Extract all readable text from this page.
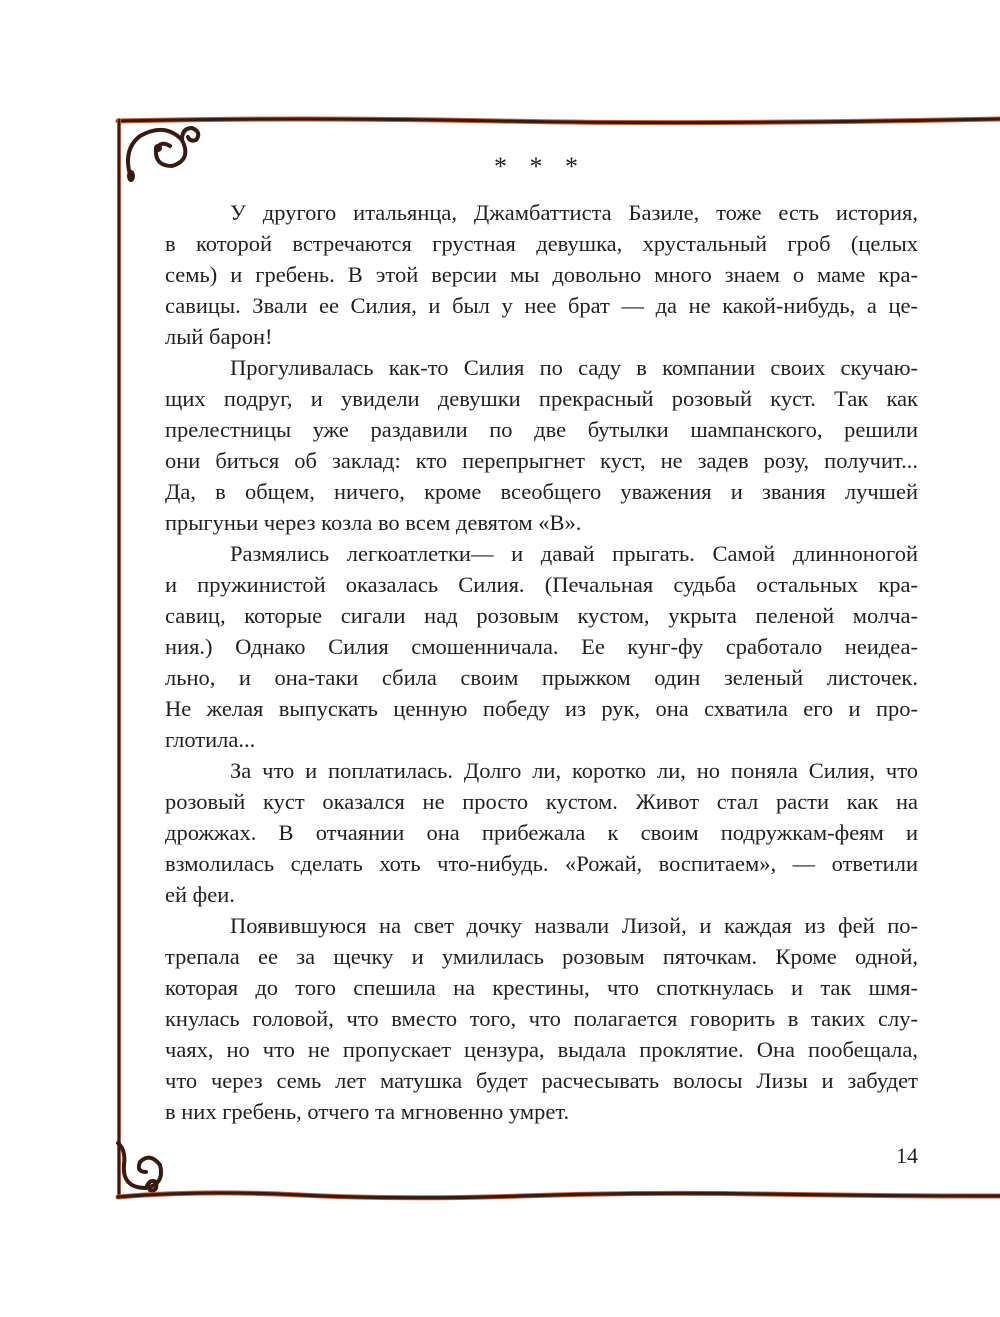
* * *
У другого итальянца, Джамбаттиста Базиле, тоже есть история,
в которой встречаются грустная девушка, хрустальный гроб (целых
семь) и гребень. В этой версии мы довольно много знаем о маме кра-
савицы. Звали ее Силия, и был у нее брат — да не какой-нибудь, а це-
лый барон!
Прогуливалась как-то Силия по саду в компании своих скучаю-
щих подруг, и увидели девушки прекрасный розовый куст. Так как
прелестницы уже раздавили по две бутылки шампанского, решили
они биться об заклад: кто перепрыгнет куст, не задев розу, получит...
Да, в общем, ничего, кроме всеобщего уважения и звания лучшей
прыгуньи через козла во всем девятом «В».
Размялись легкоатлетки— и давай прыгать. Самой длинноногой
и пружинистой оказалась Силия. (Печальная судьба остальных кра-
савиц, которые сигали над розовым кустом, укрыта пеленой молча-
ния.) Однако Силия смошенничала. Ее кунг-фу сработало неидеа-
льно, и она-таки сбила своим прыжком один зеленый листочек.
Не желая выпускать ценную победу из рук, она схватила его и про-
глотила...
За что и поплатилась. Долго ли, коротко ли, но поняла Силия, что
розовый куст оказался не просто кустом. Живот стал расти как на
дрожжах. В отчаянии она прибежала к своим подружкам-феям и
взмолилась сделать хоть что-нибудь. «Рожай, воспитаем», — ответили
ей феи.
Появившуюся на свет дочку назвали Лизой, и каждая из фей по-
трепала ее за щечку и умилилась розовым пяточкам. Кроме одной,
которая до того спешила на крестины, что споткнулась и так шмя-
кнулась головой, что вместо того, что полагается говорить в таких слу-
чаях, но что не пропускает цензура, выдала проклятие. Она пообещала,
что через семь лет матушка будет расчесывать волосы Лизы и забудет
в них гребень, отчего та мгновенно умрет.
14
